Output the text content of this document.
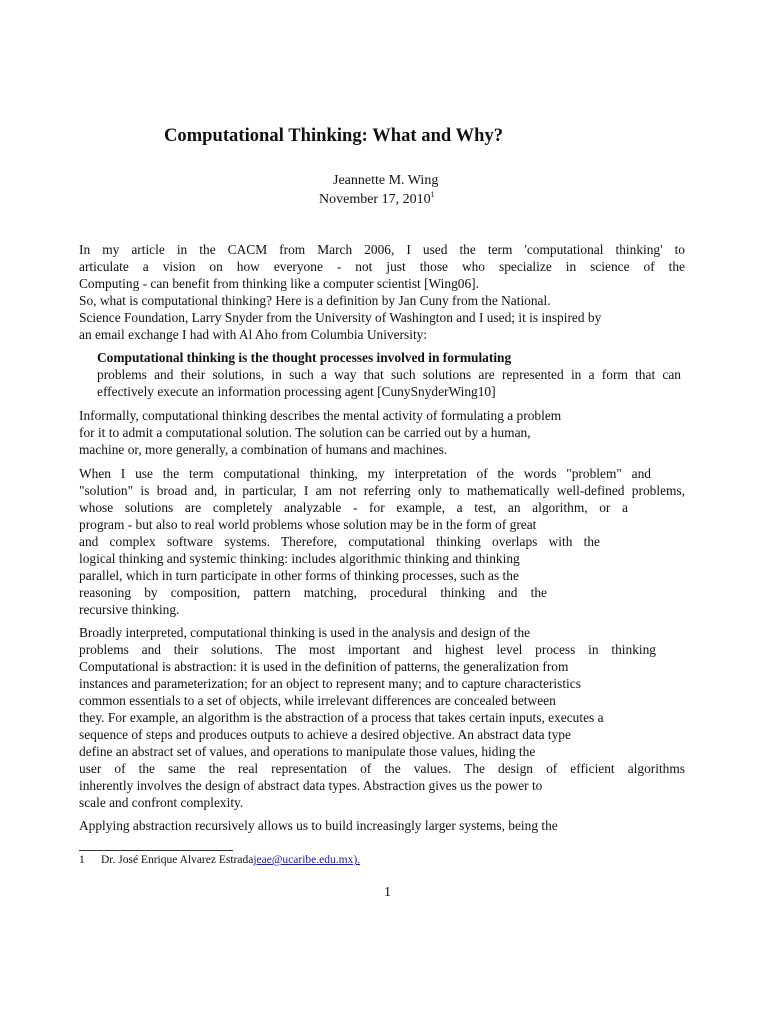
Computational Thinking: What and Why?
Jeannette M. Wing
November 17, 2010$^1$
In my article in the CACM from March 2006, I used the term 'computational thinking' to
articulate a vision on how everyone - not just those who specialize in science of the
Computing - can benefit from thinking like a computer scientist [Wing06].
So, what is computational thinking? Here is a definition by Jan Cuny from the National.
Science Foundation, Larry Snyder from the University of Washington and I used; it is inspired by
an email exchange I had with Al Aho from Columbia University:
Computational thinking is the thought processes involved in formulating
problems and their solutions, in such a way that such solutions are represented in a form that can
effectively execute an information processing agent [CunySnyderWing10]
Informally, computational thinking describes the mental activity of formulating a problem
for it to admit a computational solution. The solution can be carried out by a human,
machine or, more generally, a combination of humans and machines.
When I use the term computational thinking, my interpretation of the words "problem" and
"solution" is broad and, in particular, I am not referring only to mathematically well-defined problems,
whose solutions are completely analyzable - for example, a test, an algorithm, or a
program - but also to real world problems whose solution may be in the form of great
and complex software systems. Therefore, computational thinking overlaps with the
logical thinking and systemic thinking: includes algorithmic thinking and thinking
parallel, which in turn participate in other forms of thinking processes, such as the
reasoning by composition, pattern matching, procedural thinking and the
recursive thinking.
Broadly interpreted, computational thinking is used in the analysis and design of the
problems and their solutions. The most important and highest level process in thinking
Computational is abstraction: it is used in the definition of patterns, the generalization from
instances and parameterization; for an object to represent many; and to capture characteristics
common essentials to a set of objects, while irrelevant differences are concealed between
they. For example, an algorithm is the abstraction of a process that takes certain inputs, executes a
sequence of steps and produces outputs to achieve a desired objective. An abstract data type
define an abstract set of values, and operations to manipulate those values, hiding the
user of the same the real representation of the values. The design of efficient algorithms
inherently involves the design of abstract data types. Abstraction gives us the power to
scale and confront complexity.
Applying abstraction recursively allows us to build increasingly larger systems, being the
1 Dr. José Enrique Alvarez Estradajeae@ucaribe.edu.mx).
1
